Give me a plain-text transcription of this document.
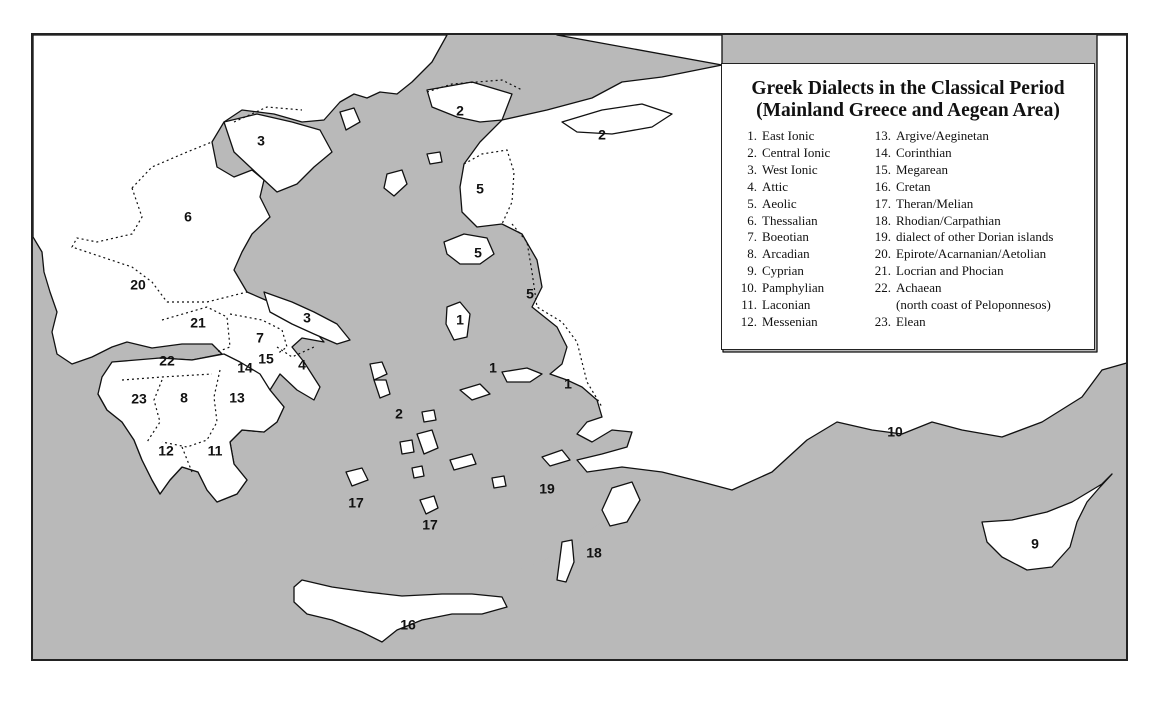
2
2
3
6
5
5
5
20
3
21
7
1
22	15
14	4	1
1
23 8	13
2
12 11
10
19
17
17
18
9
16
Greek Dialects in the Classical Period
(Mainland Greece and Aegean Area)
1. East Ionic
2. Central Ionic
3. West Ionic
4. Attic
5. Aeolic
6. Thessalian
7. Boeotian
8. Arcadian
9. Cyprian
10. Pamphylian
11. Laconian
12. Messenian
13. Argive/Aeginetan
14. Corinthian
15. Megarean
16. Cretan
17. Theran/Melian
18. Rhodian/Carpathian
19. dialect of other Dorian islands
20. Epirote/Acarnanian/Aetolian
21. Locrian and Phocian
22. Achaean
(north coast of Peloponnesos)
23. Elean
